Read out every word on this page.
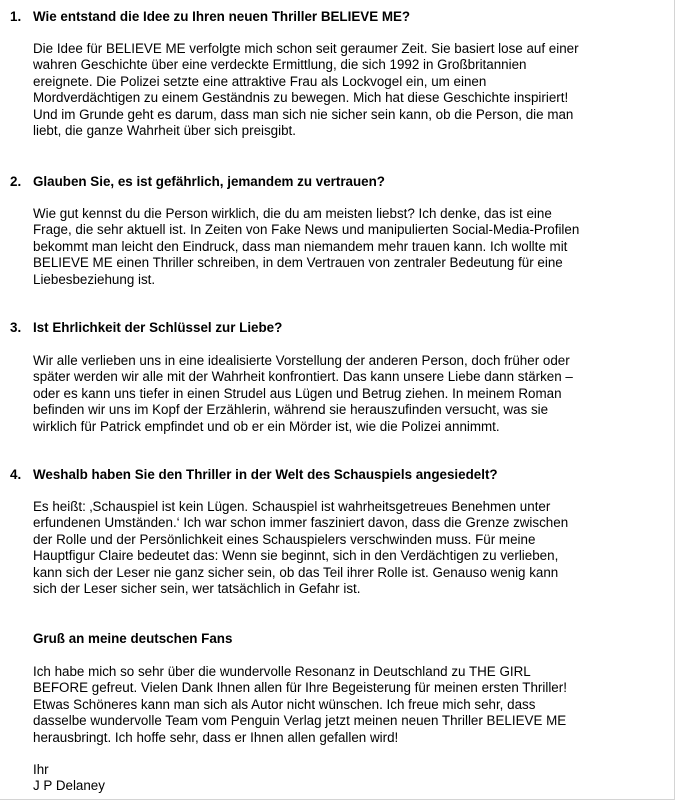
1. Wie entstand die Idee zu Ihren neuen Thriller BELIEVE ME?
Die Idee für BELIEVE ME verfolgte mich schon seit geraumer Zeit. Sie basiert lose auf einer
wahren Geschichte über eine verdeckte Ermittlung, die sich 1992 in Großbritannien
ereignete. Die Polizei setzte eine attraktive Frau als Lockvogel ein, um einen
Mordverdächtigen zu einem Geständnis zu bewegen. Mich hat diese Geschichte inspiriert!
Und im Grunde geht es darum, dass man sich nie sicher sein kann, ob die Person, die man
liebt, die ganze Wahrheit über sich preisgibt.
2. Glauben Sie, es ist gefährlich, jemandem zu vertrauen?
Wie gut kennst du die Person wirklich, die du am meisten liebst? Ich denke, das ist eine
Frage, die sehr aktuell ist. In Zeiten von Fake News und manipulierten Social-Media-Profilen
bekommt man leicht den Eindruck, dass man niemandem mehr trauen kann. Ich wollte mit
BELIEVE ME einen Thriller schreiben, in dem Vertrauen von zentraler Bedeutung für eine
Liebesbeziehung ist.
3. Ist Ehrlichkeit der Schlüssel zur Liebe?
Wir alle verlieben uns in eine idealisierte Vorstellung der anderen Person, doch früher oder
später werden wir alle mit der Wahrheit konfrontiert. Das kann unsere Liebe dann stärken –
oder es kann uns tiefer in einen Strudel aus Lügen und Betrug ziehen. In meinem Roman
befinden wir uns im Kopf der Erzählerin, während sie herauszufinden versucht, was sie
wirklich für Patrick empfindet und ob er ein Mörder ist, wie die Polizei annimmt.
4. Weshalb haben Sie den Thriller in der Welt des Schauspiels angesiedelt?
Es heißt: ‚Schauspiel ist kein Lügen. Schauspiel ist wahrheitsgetreues Benehmen unter
erfundenen Umständen.‘ Ich war schon immer fasziniert davon, dass die Grenze zwischen
der Rolle und der Persönlichkeit eines Schauspielers verschwinden muss. Für meine
Hauptfigur Claire bedeutet das: Wenn sie beginnt, sich in den Verdächtigen zu verlieben,
kann sich der Leser nie ganz sicher sein, ob das Teil ihrer Rolle ist. Genauso wenig kann
sich der Leser sicher sein, wer tatsächlich in Gefahr ist.
Gruß an meine deutschen Fans
Ich habe mich so sehr über die wundervolle Resonanz in Deutschland zu THE GIRL
BEFORE gefreut. Vielen Dank Ihnen allen für Ihre Begeisterung für meinen ersten Thriller!
Etwas Schöneres kann man sich als Autor nicht wünschen. Ich freue mich sehr, dass
dasselbe wundervolle Team vom Penguin Verlag jetzt meinen neuen Thriller BELIEVE ME
herausbringt. Ich hoffe sehr, dass er Ihnen allen gefallen wird!
Ihr
J P Delaney
